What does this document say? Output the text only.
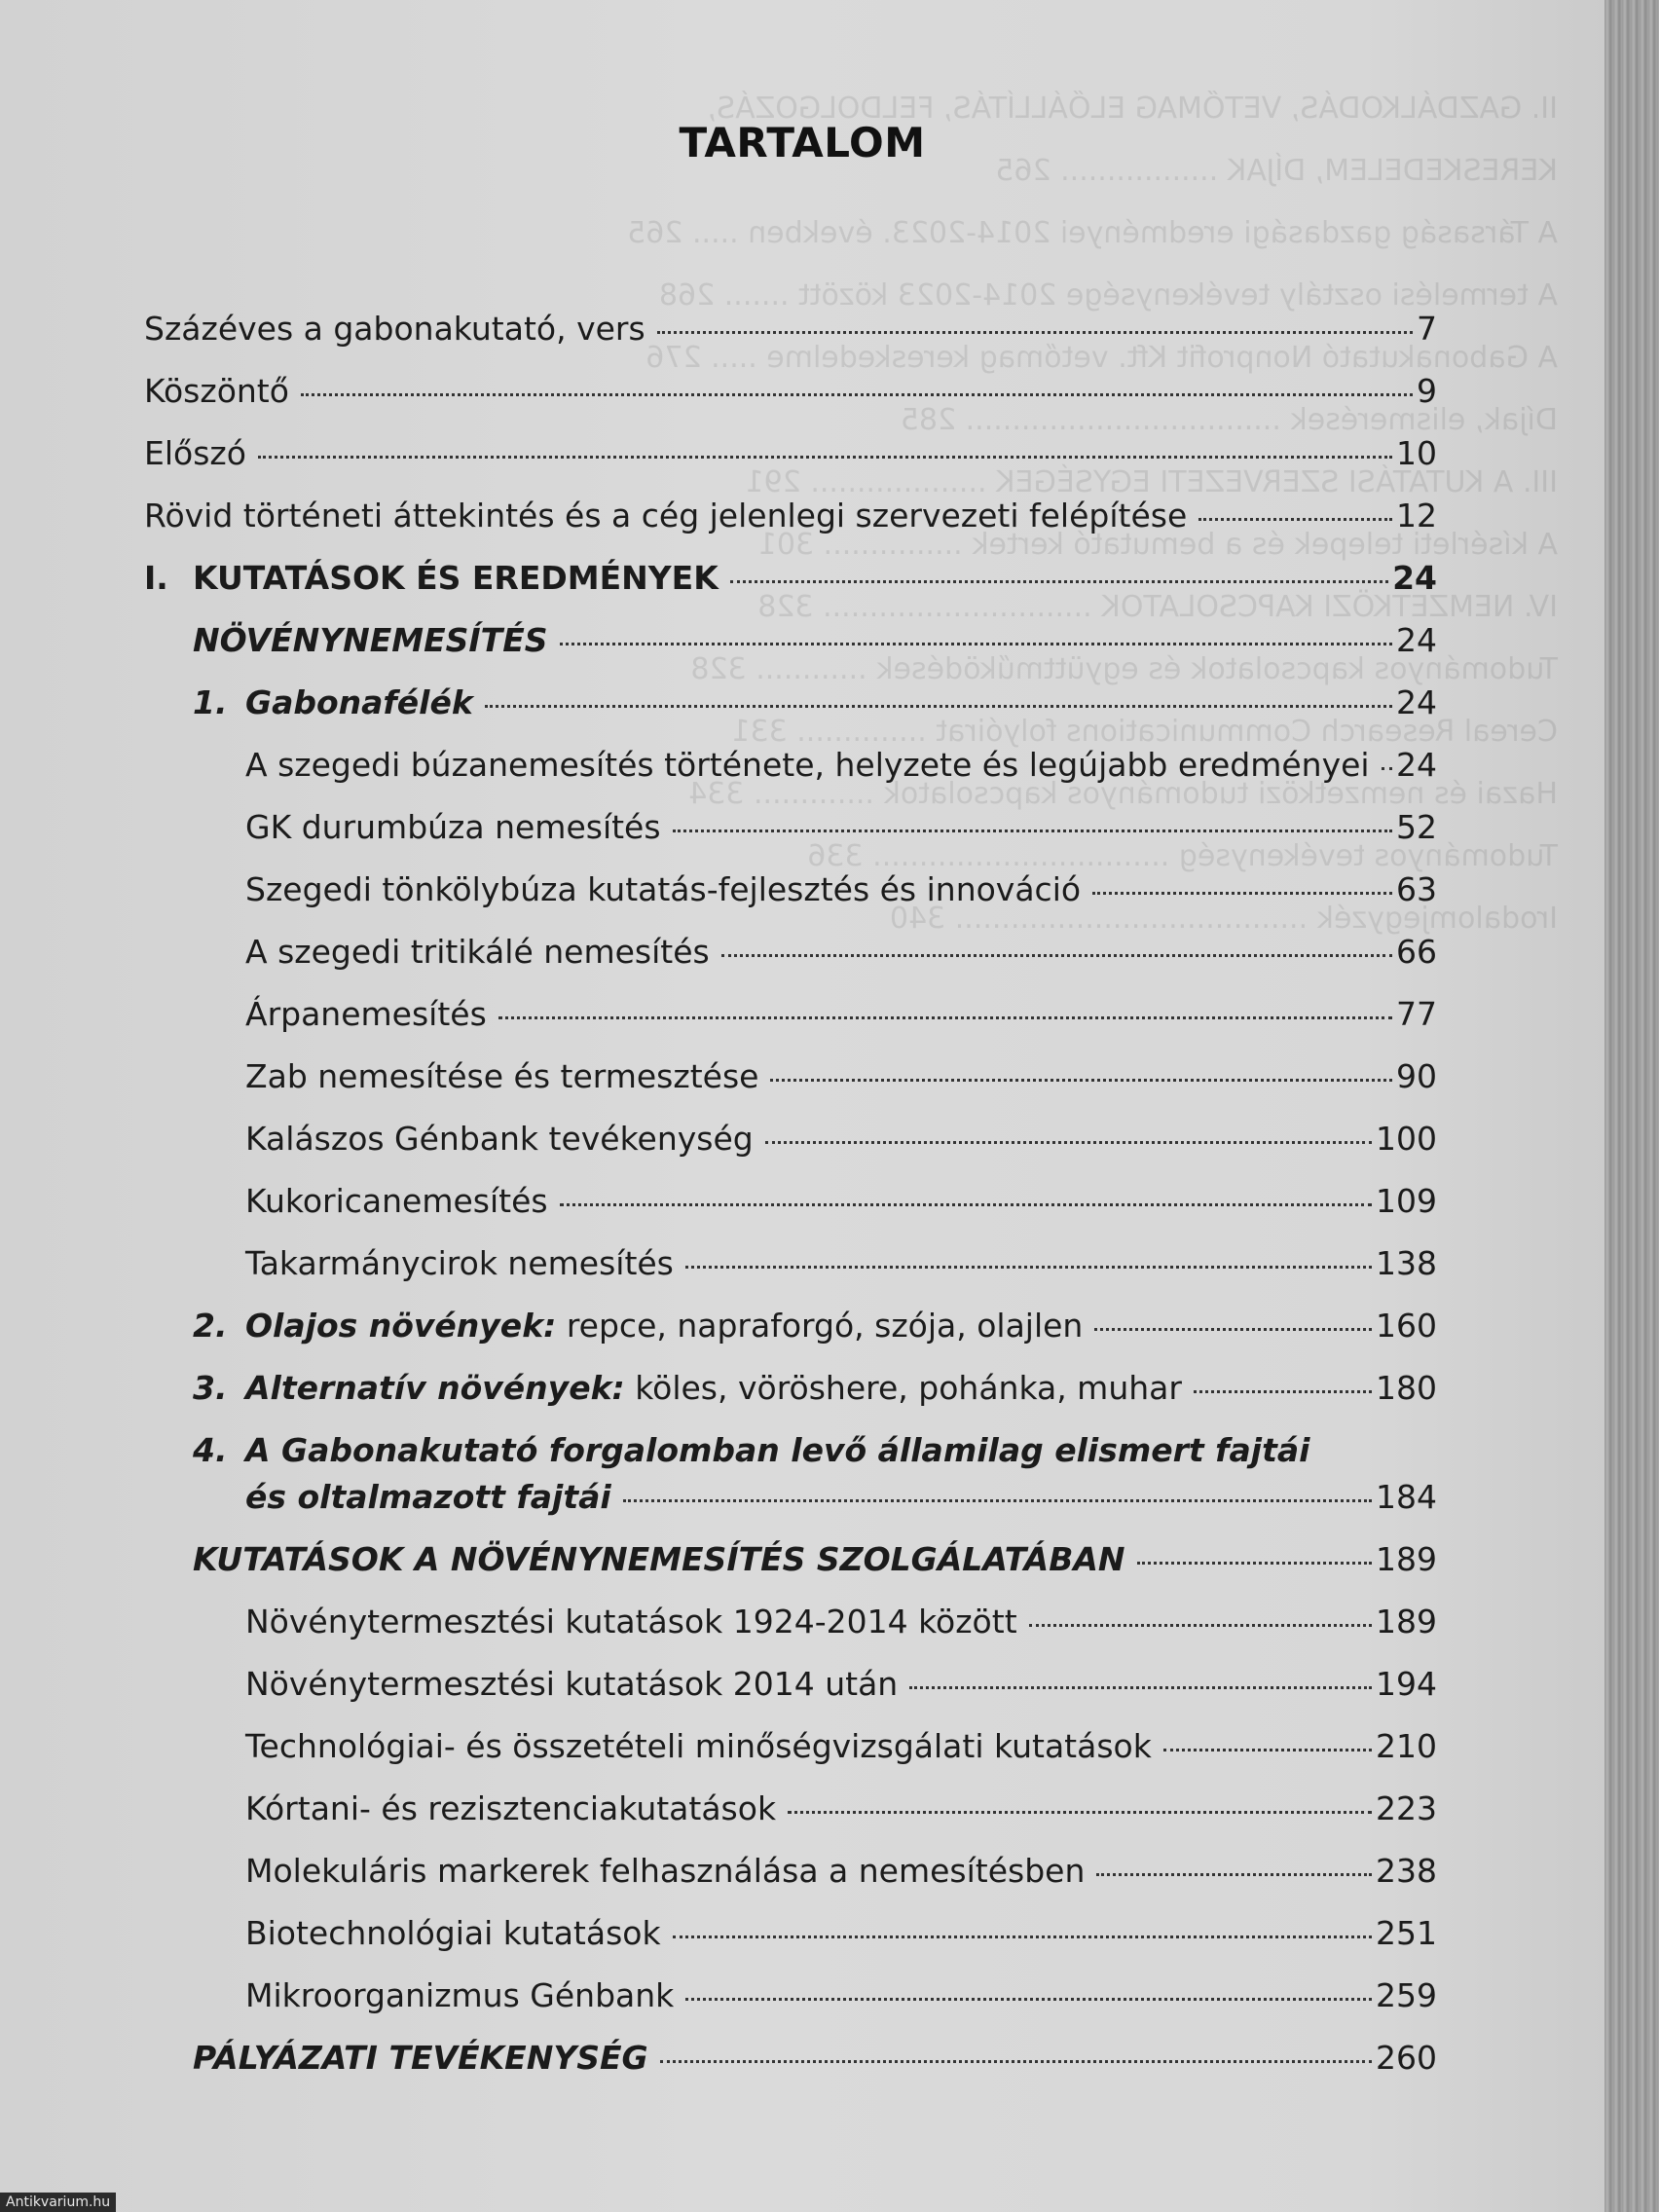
II. GAZDÁLKODÁS, VETŐMAG ELŐÁLLÍTÁS, FELDOLGOZÁS,
KERESKEDELEM, DÍJAK ................. 265
A Társaság gazdasági eredményei 2014-2023. években ..... 265
A termelési osztály tevékenysége 2014-2023 között ....... 268
A Gabonakutató Nonprofit Kft. vetőmag kereskedelme ..... 276
Díjak, elismerések .................................. 285
III. A KUTATÁSI SZERVEZETI EGYSÉGEK ................... 291
A kísérleti telepek és a bemutató kertek ............... 301
IV. NEMZETKÖZI KAPCSOLATOK ............................. 328
Tudományos kapcsolatok és együttműködések ............ 328
Cereal Research Communications folyóirat .............. 331
Hazai és nemzetközi tudományos kapcsolatok ............. 334
Tudományos tevékenység ................................ 336
Irodalomjegyzék ...................................... 340
TARTALOM
Százéves a gabonakutató, vers	7
Köszöntő	9
Előszó	10
Rövid történeti áttekintés és a cég jelenlegi szervezeti felépítése	12
I. KUTATÁSOK ÉS EREDMÉNYEK	24
NÖVÉNYNEMESÍTÉS	24
1. Gabonafélék	24
A szegedi búzanemesítés története, helyzete és legújabb eredményei 24
GK durumbúza nemesítés	52
Szegedi tönkölybúza kutatás-fejlesztés és innováció	63
A szegedi tritikálé nemesítés	66
Árpanemesítés	77
Zab nemesítése és termesztése	90
Kalászos Génbank tevékenység	100
Kukoricanemesítés	109
Takarmánycirok nemesítés	138
2. Olajos növények: repce, napraforgó, szója, olajlen	160
3. Alternatív növények: köles, vöröshere, pohánka, muhar	180
4. A Gabonakutató forgalomban levő államilag elismert fajtái
és oltalmazott fajtái	184
KUTATÁSOK A NÖVÉNYNEMESÍTÉS SZOLGÁLATÁBAN	189
Növénytermesztési kutatások 1924-2014 között	189
Növénytermesztési kutatások 2014 után	194
Technológiai- és összetételi minőségvizsgálati kutatások	210
Kórtani- és rezisztenciakutatások	223
Molekuláris markerek felhasználása a nemesítésben	238
Biotechnológiai kutatások	251
Mikroorganizmus Génbank	259
PÁLYÁZATI TEVÉKENYSÉG	260
Antikvarium.hu
